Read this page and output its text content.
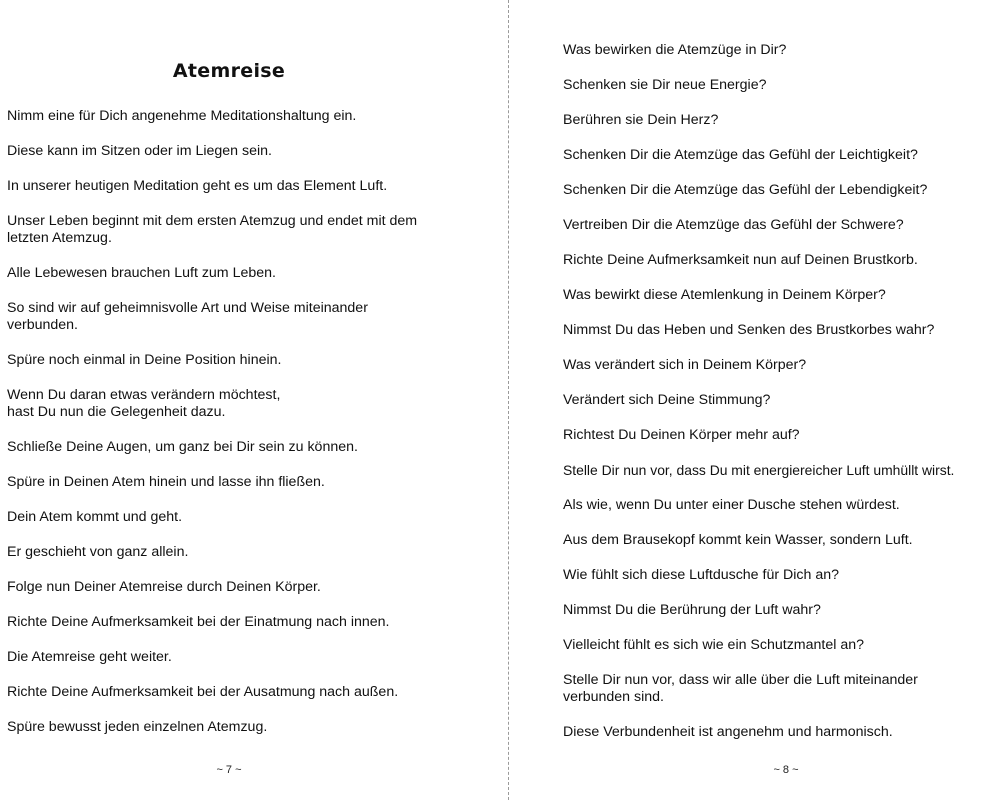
Atemreise

Nimm eine für Dich angenehme Meditationshaltung ein.

Diese kann im Sitzen oder im Liegen sein.

In unserer heutigen Meditation geht es um das Element Luft.

Unser Leben beginnt mit dem ersten Atemzug und endet mit dem letzten Atemzug.

Alle Lebewesen brauchen Luft zum Leben.

So sind wir auf geheimnisvolle Art und Weise miteinander verbunden.

Spüre noch einmal in Deine Position hinein.

Wenn Du daran etwas verändern möchtest,
hast Du nun die Gelegenheit dazu.

Schließe Deine Augen, um ganz bei Dir sein zu können.

Spüre in Deinen Atem hinein und lasse ihn fließen.

Dein Atem kommt und geht.

Er geschieht von ganz allein.

Folge nun Deiner Atemreise durch Deinen Körper.

Richte Deine Aufmerksamkeit bei der Einatmung nach innen.

Die Atemreise geht weiter.

Richte Deine Aufmerksamkeit bei der Ausatmung nach außen.

Spüre bewusst jeden einzelnen Atemzug.

~ 7 ~

Was bewirken die Atemzüge in Dir?

Schenken sie Dir neue Energie?

Berühren sie Dein Herz?

Schenken Dir die Atemzüge das Gefühl der Leichtigkeit?

Schenken Dir die Atemzüge das Gefühl der Lebendigkeit?

Vertreiben Dir die Atemzüge das Gefühl der Schwere?

Richte Deine Aufmerksamkeit nun auf Deinen Brustkorb.

Was bewirkt diese Atemlenkung in Deinem Körper?

Nimmst Du das Heben und Senken des Brustkorbes wahr?

Was verändert sich in Deinem Körper?

Verändert sich Deine Stimmung?

Richtest Du Deinen Körper mehr auf?

Stelle Dir nun vor, dass Du mit energiereicher Luft umhüllt wirst.

Als wie, wenn Du unter einer Dusche stehen würdest.

Aus dem Brausekopf kommt kein Wasser, sondern Luft.

Wie fühlt sich diese Luftdusche für Dich an?

Nimmst Du die Berührung der Luft wahr?

Vielleicht fühlt es sich wie ein Schutzmantel an?

Stelle Dir nun vor, dass wir alle über die Luft miteinander verbunden sind.

Diese Verbundenheit ist angenehm und harmonisch.

~ 8 ~
